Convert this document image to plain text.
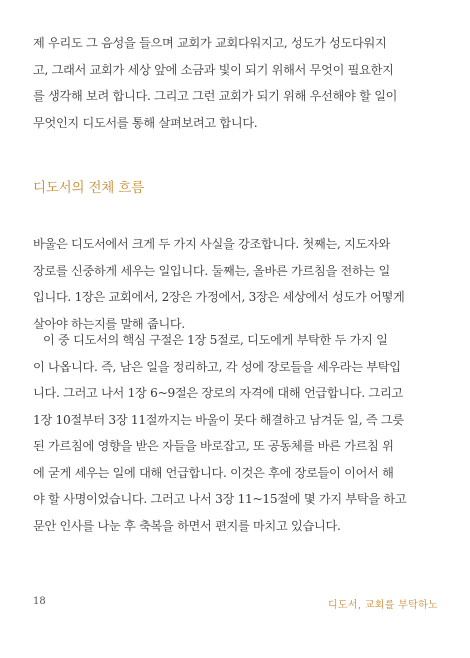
제 우리도 그 음성을 들으며 교회가 교회다워지고, 성도가 성도다워지
고, 그래서 교회가 세상 앞에 소금과 빛이 되기 위해서 무엇이 필요한지
를 생각해 보려 합니다. 그리고 그런 교회가 되기 위해 우선해야 할 일이
무엇인지 디도서를 통해 살펴보려고 합니다.

디도서의 전체 흐름

바울은 디도서에서 크게 두 가지 사실을 강조합니다. 첫째는, 지도자와
장로를 신중하게 세우는 일입니다. 둘째는, 올바른 가르침을 전하는 일
입니다. 1장은 교회에서, 2장은 가정에서, 3장은 세상에서 성도가 어떻게
살아야 하는지를 말해 줍니다.

이 중 디도서의 핵심 구절은 1장 5절로, 디도에게 부탁한 두 가지 일
이 나옵니다. 즉, 남은 일을 정리하고, 각 성에 장로들을 세우라는 부탁입
니다. 그러고 나서 1장 6~9절은 장로의 자격에 대해 언급합니다. 그리고
1장 10절부터 3장 11절까지는 바울이 못다 해결하고 남겨둔 일, 즉 그릇
된 가르침에 영향을 받은 자들을 바로잡고, 또 공동체를 바른 가르침 위
에 굳게 세우는 일에 대해 언급합니다. 이것은 후에 장로들이 이어서 해
야 할 사명이었습니다. 그러고 나서 3장 11~15절에 몇 가지 부탁을 하고
문안 인사를 나눈 후 축복을 하면서 편지를 마치고 있습니다.

18	디도서, 교회를 부탁하노
